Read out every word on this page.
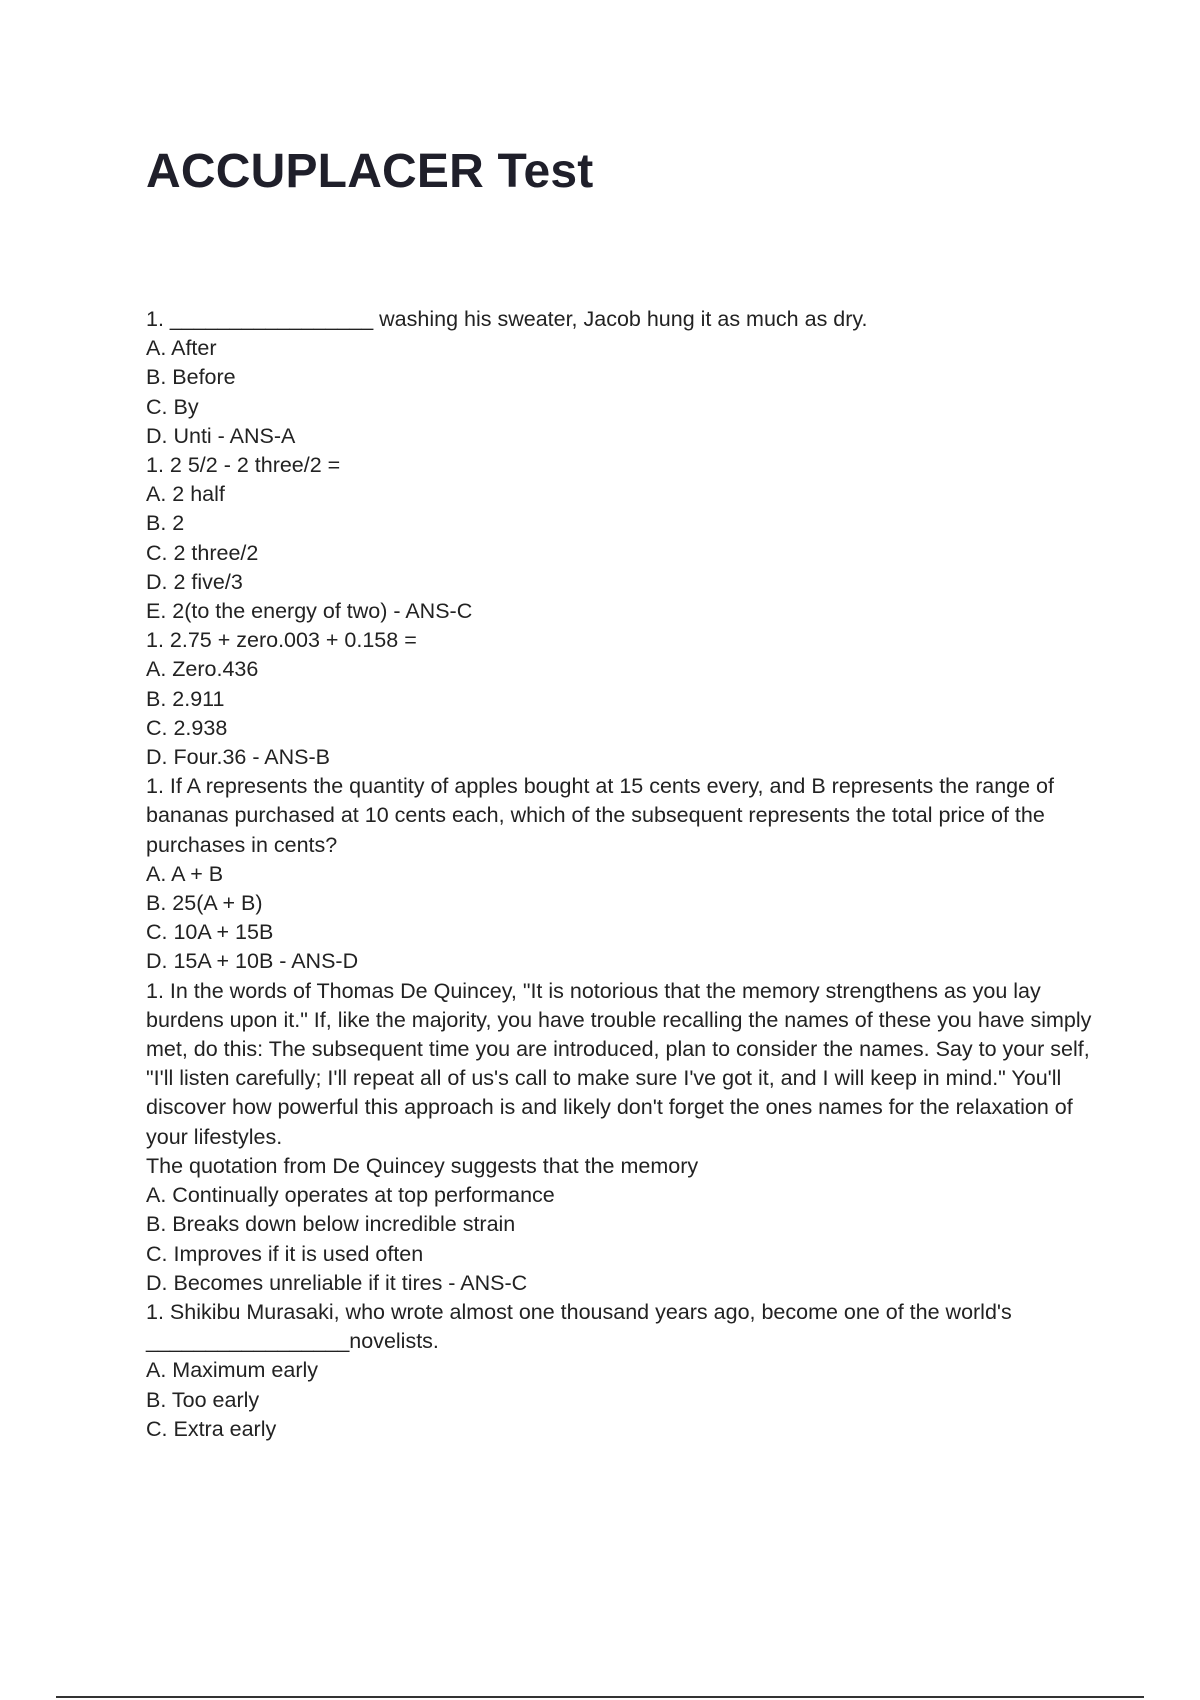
ACCUPLACER Test
1. _________________ washing his sweater, Jacob hung it as much as dry.
A. After
B. Before
C. By
D. Unti - ANS-A
1. 2 5/2 - 2 three/2 =
A. 2 half
B. 2
C. 2 three/2
D. 2 five/3
E. 2(to the energy of two) - ANS-C
1. 2.75 + zero.003 + 0.158 =
A. Zero.436
B. 2.911
C. 2.938
D. Four.36 - ANS-B

1. If A represents the quantity of apples bought at 15 cents every, and B represents the range of bananas purchased at 10 cents each, which of the subsequent represents the total price of the purchases in cents?

A. A + B
B. 25(A + B)
C. 10A + 15B
D. 15A + 10B - ANS-D

1. In the words of Thomas De Quincey, "It is notorious that the memory strengthens as you lay burdens upon it." If, like the majority, you have trouble recalling the names of these you have simply met, do this: The subsequent time you are introduced, plan to consider the names. Say to your self, "I'll listen carefully; I'll repeat all of us's call to make sure I've got it, and I will keep in mind." You'll discover how powerful this approach is and likely don't forget the ones names for the relaxation of your lifestyles.

The quotation from De Quincey suggests that the memory
A. Continually operates at top performance
B. Breaks down below incredible strain
C. Improves if it is used often
D. Becomes unreliable if it tires - ANS-C

1. Shikibu Murasaki, who wrote almost one thousand years ago, become one of the world's _________________novelists.

A. Maximum early
B. Too early
C. Extra early
